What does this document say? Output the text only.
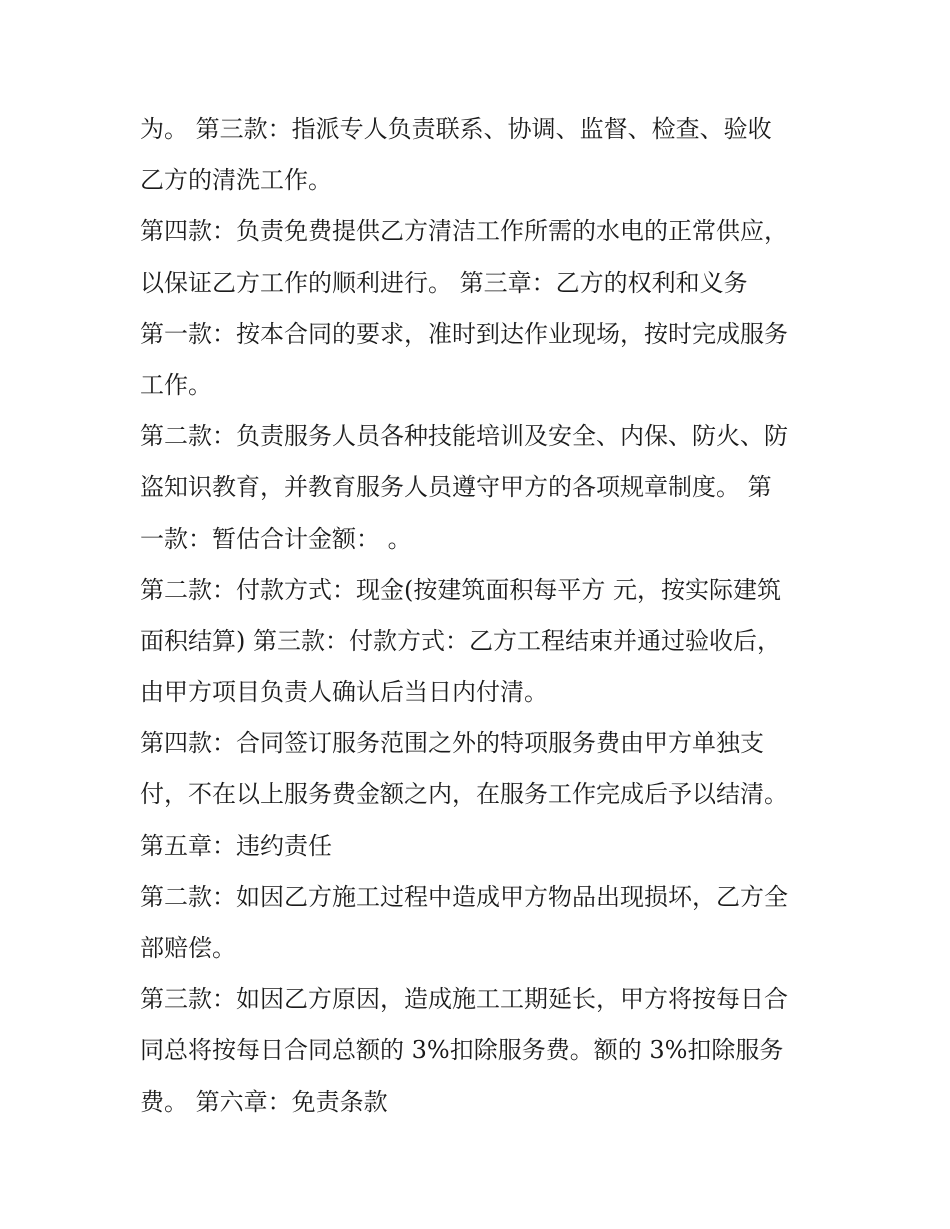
为。 第三款：指派专人负责联系、协调、监督、检查、验收
乙方的清洗工作。
第四款：负责免费提供乙方清洁工作所需的水电的正常供应，
以保证乙方工作的顺利进行。 第三章：乙方的权利和义务
第一款：按本合同的要求，准时到达作业现场，按时完成服务
工作。
第二款：负责服务人员各种技能培训及安全、内保、防火、防
盗知识教育，并教育服务人员遵守甲方的各项规章制度。 第
一款：暂估合计金额： 。
第二款：付款方式：现金(按建筑面积每平方 元，按实际建筑
面积结算) 第三款：付款方式：乙方工程结束并通过验收后，
由甲方项目负责人确认后当日内付清。
第四款：合同签订服务范围之外的特项服务费由甲方单独支
付，不在以上服务费金额之内，在服务工作完成后予以结清。
第五章：违约责任
第二款：如因乙方施工过程中造成甲方物品出现损坏，乙方全
部赔偿。
第三款：如因乙方原因，造成施工工期延长，甲方将按每日合
同总将按每日合同总额的 3%扣除服务费。额的 3%扣除服务
费。 第六章：免责条款
